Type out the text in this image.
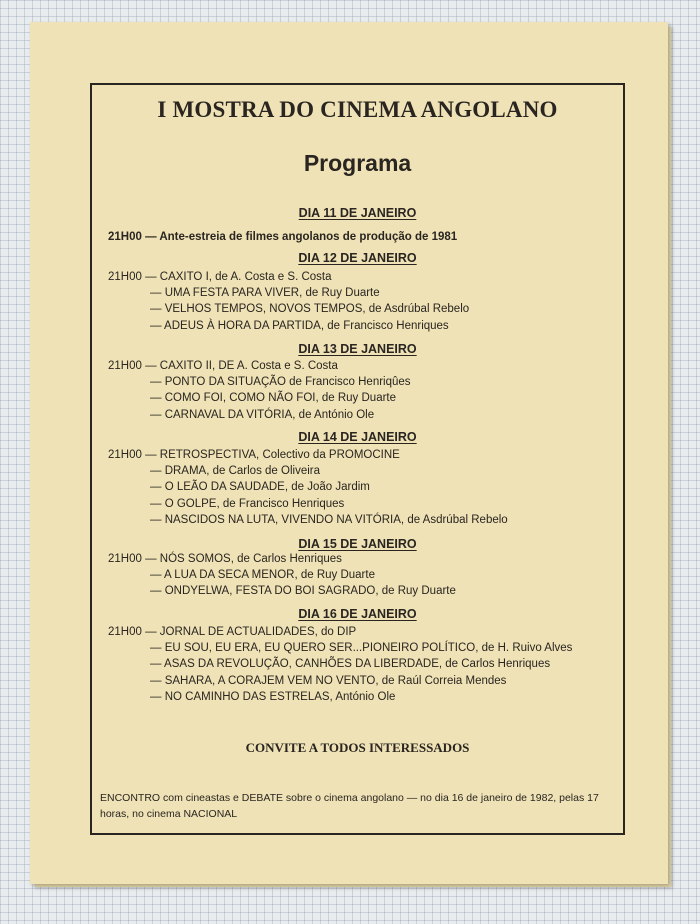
I MOSTRA DO CINEMA ANGOLANO
Programa
DIA 11 DE JANEIRO
21H00 — Ante-estreia de filmes angolanos de produção de 1981
DIA 12 DE JANEIRO
21H00 — CAXITO I, de A. Costa e S. Costa
— UMA FESTA PARA VIVER, de Ruy Duarte
— VELHOS TEMPOS, NOVOS TEMPOS, de Asdrúbal Rebelo
— ADEUS À HORA DA PARTIDA, de Francisco Henriques
DIA 13 DE JANEIRO
21H00 — CAXITO II, DE A. Costa e S. Costa
— PONTO DA SITUAÇÃO de Francisco Henriqûes
— COMO FOI, COMO NÃO FOI, de Ruy Duarte
— CARNAVAL DA VITÓRIA, de António Ole
DIA 14 DE JANEIRO
21H00 — RETROSPECTIVA, Colectivo da PROMOCINE
— DRAMA, de Carlos de Oliveira
— O LEÃO DA SAUDADE, de João Jardim
— O GOLPE, de Francisco Henriques
— NASCIDOS NA LUTA, VIVENDO NA VITÓRIA, de Asdrúbal Rebelo
DIA 15 DE JANEIRO
21H00 — NÓS SOMOS, de Carlos Henriques
— A LUA DA SECA MENOR, de Ruy Duarte
— ONDYELWA, FESTA DO BOI SAGRADO, de Ruy Duarte
DIA 16 DE JANEIRO
21H00 — JORNAL DE ACTUALIDADES, do DIP
— EU SOU, EU ERA, EU QUERO SER...PIONEIRO POLÍTICO, de H. Ruivo Alves
— ASAS DA REVOLUÇÃO, CANHÕES DA LIBERDADE, de Carlos Henriques
— SAHARA, A CORAJEM VEM NO VENTO, de Raúl Correia Mendes
— NO CAMINHO DAS ESTRELAS, António Ole
CONVITE A TODOS INTERESSADOS
ENCONTRO com cineastas e DEBATE sobre o cinema angolano — no dia 16 de janeiro de 1982, pelas 17 horas, no cinema NACIONAL
